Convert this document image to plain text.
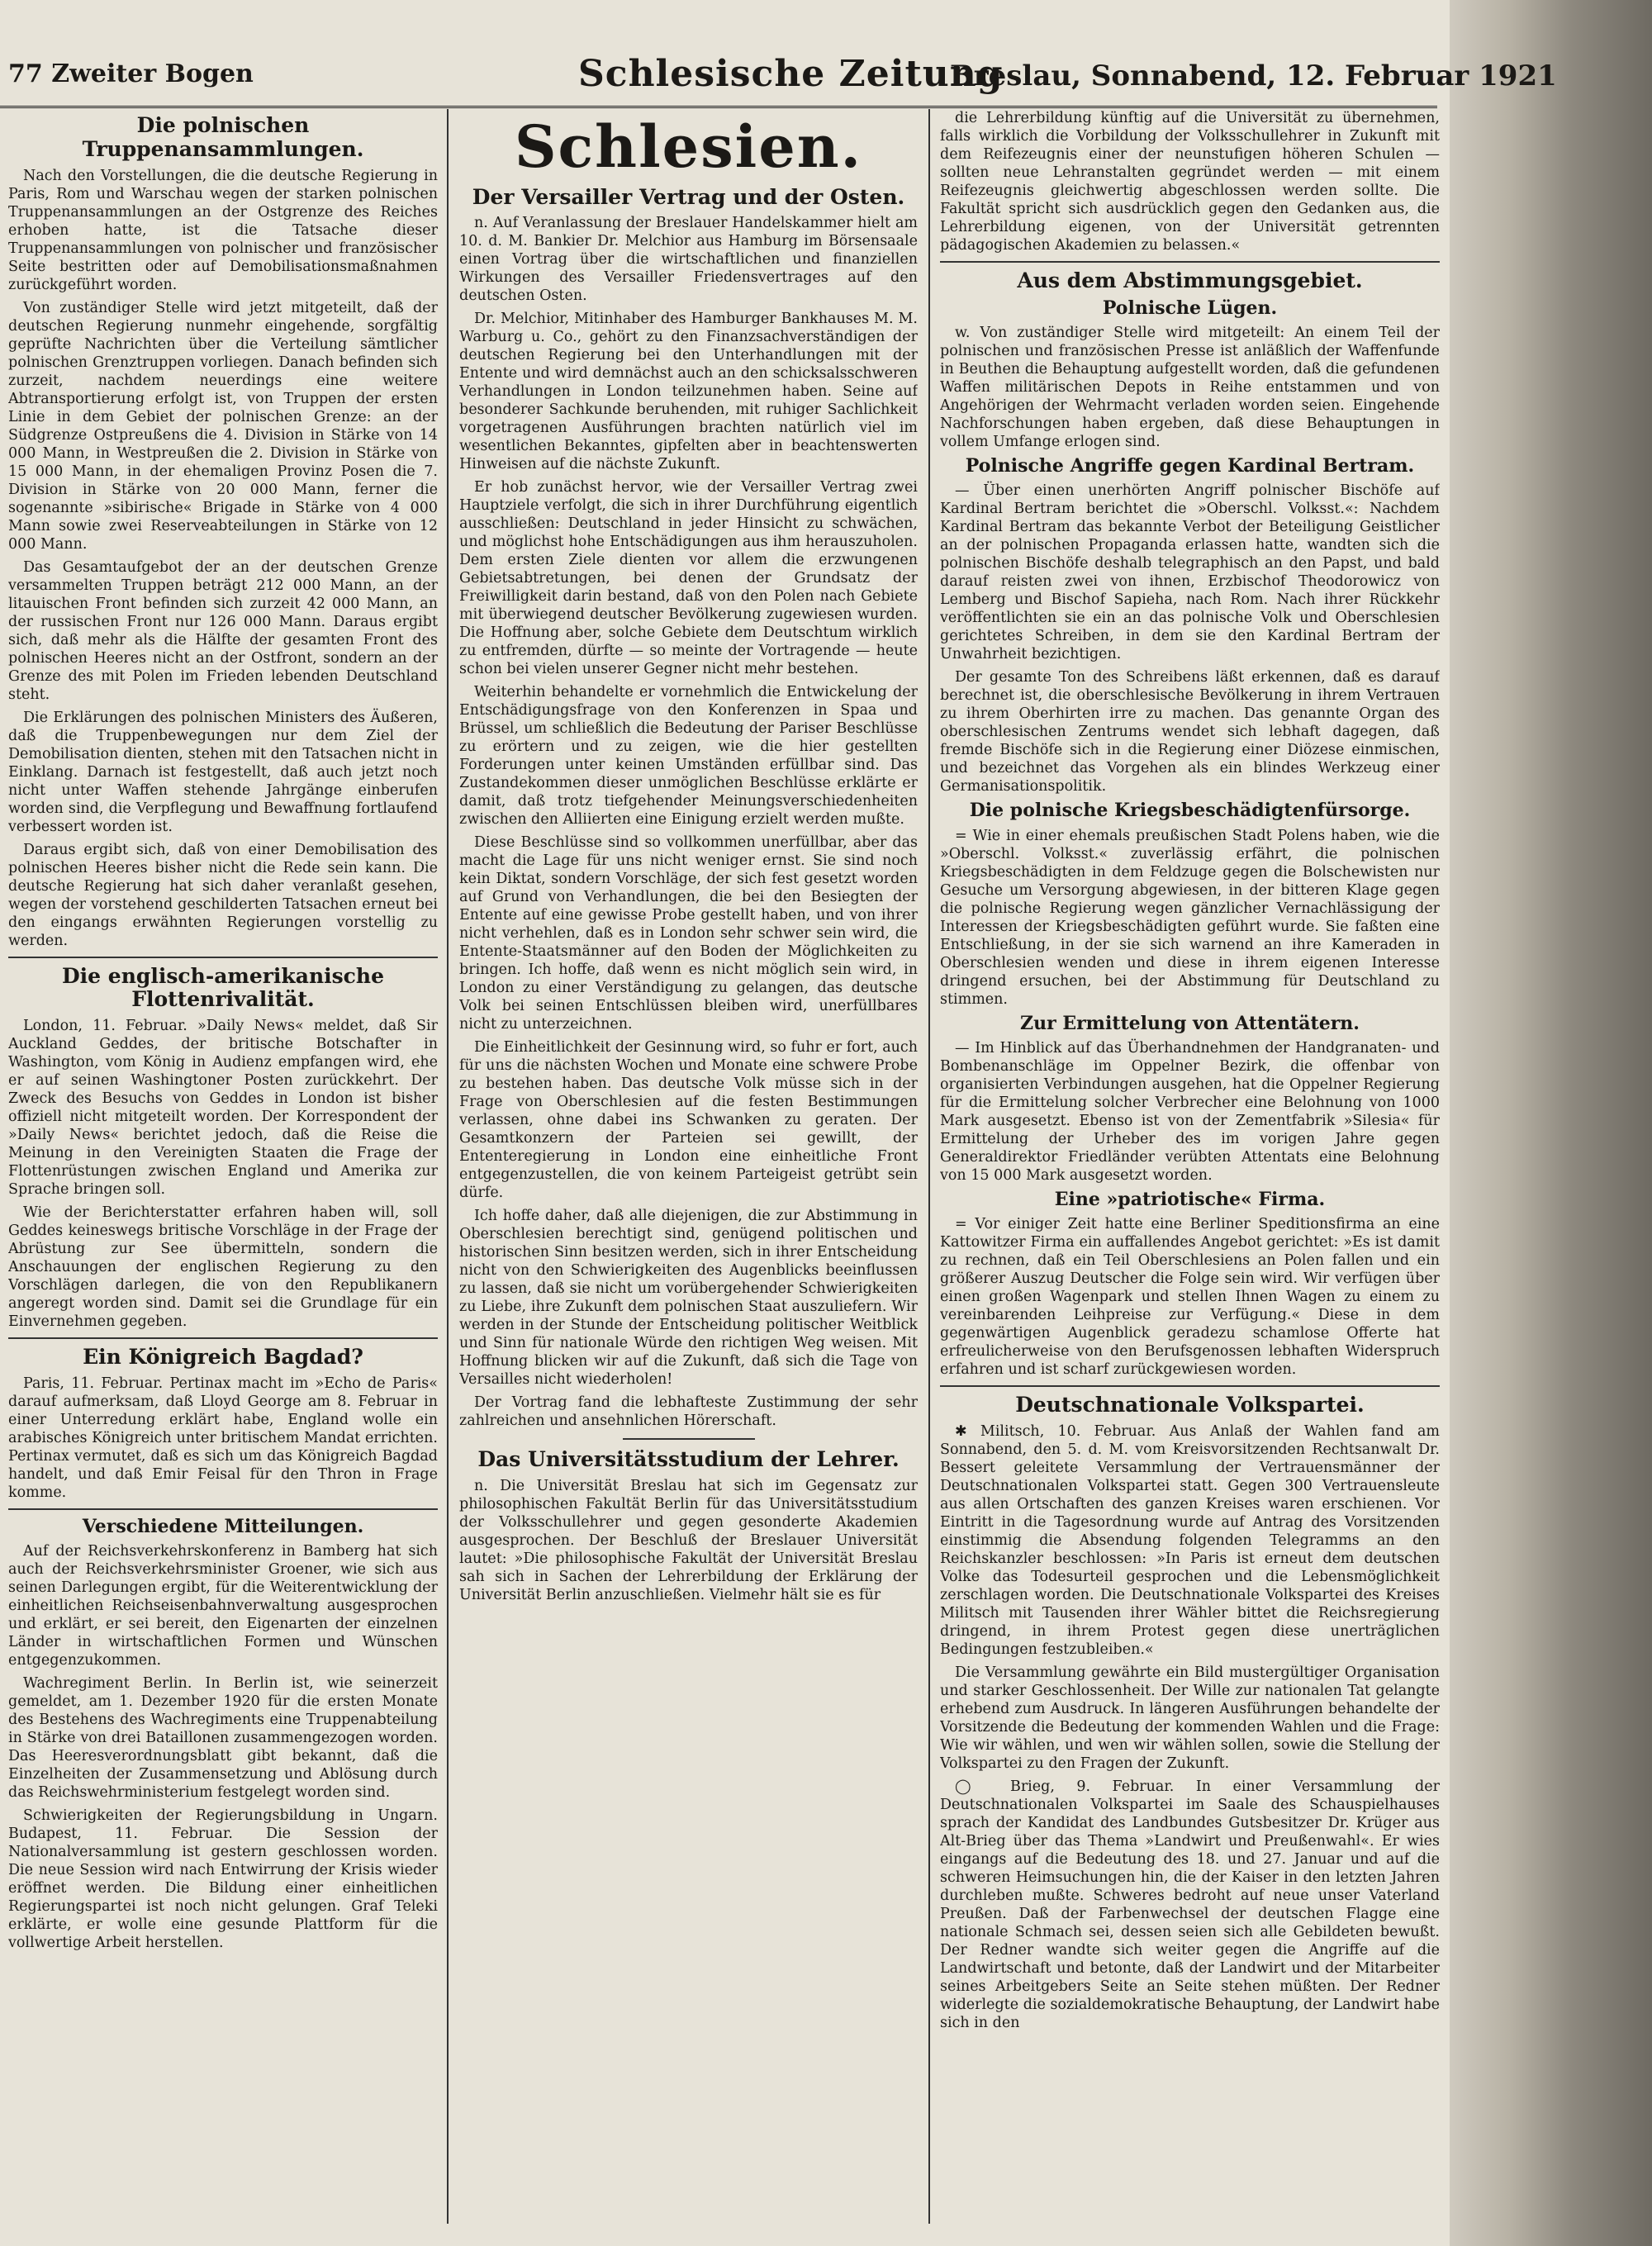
77 Zweiter Bogen	Schlesische Zeitung
Breslau, Sonnabend, 12. Februar 1921
Die polnischen Truppenansammlungen.

Nach den Vorstellungen, die die deutsche Regierung in Paris, Rom und Warschau wegen der starken polnischen Truppenansammlungen an der Ostgrenze des Reiches erhoben hatte, ist die Tatsache dieser Truppenansammlungen von polnischer und französischer Seite bestritten oder auf Demobilisationsmaßnahmen zurückgeführt worden.

Von zuständiger Stelle wird jetzt mitgeteilt, daß der deutschen Regierung nunmehr eingehende, sorgfältig geprüfte Nachrichten über die Verteilung sämtlicher polnischen Grenztruppen vorliegen. Danach befinden sich zurzeit, nachdem neuerdings eine weitere Abtransportierung erfolgt ist, von Truppen der ersten Linie in dem Gebiet der polnischen Grenze: an der Südgrenze Ostpreußens die 4. Division in Stärke von 14 000 Mann, in Westpreußen die 2. Division in Stärke von 15 000 Mann, in der ehemaligen Provinz Posen die 7. Division in Stärke von 20 000 Mann, ferner die sogenannte »sibirische« Brigade in Stärke von 4 000 Mann sowie zwei Reserveabteilungen in Stärke von 12 000 Mann.

Das Gesamtaufgebot der an der deutschen Grenze versammelten Truppen beträgt 212 000 Mann, an der litauischen Front befinden sich zurzeit 42 000 Mann, an der russischen Front nur 126 000 Mann. Daraus ergibt sich, daß mehr als die Hälfte der gesamten Front des polnischen Heeres nicht an der Ostfront, sondern an der Grenze des mit Polen im Frieden lebenden Deutschland steht.

Die Erklärungen des polnischen Ministers des Äußeren, daß die Truppenbewegungen nur dem Ziel der Demobilisation dienten, stehen mit den Tatsachen nicht in Einklang. Darnach ist festgestellt, daß auch jetzt noch nicht unter Waffen stehende Jahrgänge einberufen worden sind, die Verpflegung und Bewaffnung fortlaufend verbessert worden ist.

Daraus ergibt sich, daß von einer Demobilisation des polnischen Heeres bisher nicht die Rede sein kann. Die deutsche Regierung hat sich daher veranlaßt gesehen, wegen der vorstehend geschilderten Tatsachen erneut bei den eingangs erwähnten Regierungen vorstellig zu werden.

Die englisch-amerikanische Flottenrivalität.

London, 11. Februar. »Daily News« meldet, daß Sir Auckland Geddes, der britische Botschafter in Washington, vom König in Audienz empfangen wird, ehe er auf seinen Washingtoner Posten zurückkehrt. Der Zweck des Besuchs von Geddes in London ist bisher offiziell nicht mitgeteilt worden. Der Korrespondent der »Daily News« berichtet jedoch, daß die Reise die Meinung in den Vereinigten Staaten die Frage der Flottenrüstungen zwischen England und Amerika zur Sprache bringen soll.

Wie der Berichterstatter erfahren haben will, soll Geddes keineswegs britische Vorschläge in der Frage der Abrüstung zur See übermitteln, sondern die Anschauungen der englischen Regierung zu den Vorschlägen darlegen, die von den Republikanern angeregt worden sind. Damit sei die Grundlage für ein Einvernehmen gegeben.

Ein Königreich Bagdad?

Paris, 11. Februar. Pertinax macht im »Echo de Paris« darauf aufmerksam, daß Lloyd George am 8. Februar in einer Unterredung erklärt habe, England wolle ein arabisches Königreich unter britischem Mandat errichten. Pertinax vermutet, daß es sich um das Königreich Bagdad handelt, und daß Emir Feisal für den Thron in Frage komme.

Verschiedene Mitteilungen.

Auf der Reichsverkehrskonferenz in Bamberg hat sich auch der Reichsverkehrsminister Groener, wie sich aus seinen Darlegungen ergibt, für die Weiterentwicklung der einheitlichen Reichseisenbahnverwaltung ausgesprochen und erklärt, er sei bereit, den Eigenarten der einzelnen Länder in wirtschaftlichen Formen und Wünschen entgegenzukommen.

Wachregiment Berlin. In Berlin ist, wie seinerzeit gemeldet, am 1. Dezember 1920 für die ersten Monate des Bestehens des Wachregiments eine Truppenabteilung in Stärke von drei Bataillonen zusammengezogen worden. Das Heeresverordnungsblatt gibt bekannt, daß die Einzelheiten der Zusammensetzung und Ablösung durch das Reichswehrministerium festgelegt worden sind.

Schwierigkeiten der Regierungsbildung in Ungarn. Budapest, 11. Februar. Die Session der Nationalversammlung ist gestern geschlossen worden. Die neue Session wird nach Entwirrung der Krisis wieder eröffnet werden. Die Bildung einer einheitlichen Regierungspartei ist noch nicht gelungen. Graf Teleki erklärte, er wolle eine gesunde Plattform für die vollwertige Arbeit herstellen.

Schlesien.
Der Versailler Vertrag und der Osten.

n. Auf Veranlassung der Breslauer Handelskammer hielt am 10. d. M. Bankier Dr. Melchior aus Hamburg im Börsensaale einen Vortrag über die wirtschaftlichen und finanziellen Wirkungen des Versailler Friedensvertrages auf den deutschen Osten.

Dr. Melchior, Mitinhaber des Hamburger Bankhauses M. M. Warburg u. Co., gehört zu den Finanzsachverständigen der deutschen Regierung bei den Unterhandlungen mit der Entente und wird demnächst auch an den schicksalsschweren Verhandlungen in London teilzunehmen haben. Seine auf besonderer Sachkunde beruhenden, mit ruhiger Sachlichkeit vorgetragenen Ausführungen brachten natürlich viel im wesentlichen Bekanntes, gipfelten aber in beachtenswerten Hinweisen auf die nächste Zukunft.

Er hob zunächst hervor, wie der Versailler Vertrag zwei Hauptziele verfolgt, die sich in ihrer Durchführung eigentlich ausschließen: Deutschland in jeder Hinsicht zu schwächen, und möglichst hohe Entschädigungen aus ihm herauszuholen. Dem ersten Ziele dienten vor allem die erzwungenen Gebietsabtretungen, bei denen der Grundsatz der Freiwilligkeit darin bestand, daß von den Polen nach Gebiete mit überwiegend deutscher Bevölkerung zugewiesen wurden. Die Hoffnung aber, solche Gebiete dem Deutschtum wirklich zu entfremden, dürfte — so meinte der Vortragende — heute schon bei vielen unserer Gegner nicht mehr bestehen.

Weiterhin behandelte er vornehmlich die Entwickelung der Entschädigungsfrage von den Konferenzen in Spaa und Brüssel, um schließlich die Bedeutung der Pariser Beschlüsse zu erörtern und zu zeigen, wie die hier gestellten Forderungen unter keinen Umständen erfüllbar sind. Das Zustandekommen dieser unmöglichen Beschlüsse erklärte er damit, daß trotz tiefgehender Meinungsverschiedenheiten zwischen den Alliierten eine Einigung erzielt werden mußte.

Diese Beschlüsse sind so vollkommen unerfüllbar, aber das macht die Lage für uns nicht weniger ernst. Sie sind noch kein Diktat, sondern Vorschläge, der sich fest gesetzt worden auf Grund von Verhandlungen, die bei den Besiegten der Entente auf eine gewisse Probe gestellt haben, und von ihrer nicht verhehlen, daß es in London sehr schwer sein wird, die Entente-Staatsmänner auf den Boden der Möglichkeiten zu bringen. Ich hoffe, daß wenn es nicht möglich sein wird, in London zu einer Verständigung zu gelangen, das deutsche Volk bei seinen Entschlüssen bleiben wird, unerfüllbares nicht zu unterzeichnen.

Die Einheitlichkeit der Gesinnung wird, so fuhr er fort, auch für uns die nächsten Wochen und Monate eine schwere Probe zu bestehen haben. Das deutsche Volk müsse sich in der Frage von Oberschlesien auf die festen Bestimmungen verlassen, ohne dabei ins Schwanken zu geraten. Der Gesamtkonzern der Parteien sei gewillt, der Ententeregierung in London eine einheitliche Front entgegenzustellen, die von keinem Parteigeist getrübt sein dürfe.

Ich hoffe daher, daß alle diejenigen, die zur Abstimmung in Oberschlesien berechtigt sind, genügend politischen und historischen Sinn besitzen werden, sich in ihrer Entscheidung nicht von den Schwierigkeiten des Augenblicks beeinflussen zu lassen, daß sie nicht um vorübergehender Schwierigkeiten zu Liebe, ihre Zukunft dem polnischen Staat auszuliefern. Wir werden in der Stunde der Entscheidung politischer Weitblick und Sinn für nationale Würde den richtigen Weg weisen. Mit Hoffnung blicken wir auf die Zukunft, daß sich die Tage von Versailles nicht wiederholen!

Der Vortrag fand die lebhafteste Zustimmung der sehr zahlreichen und ansehnlichen Hörerschaft.

Das Universitätsstudium der Lehrer.

n. Die Universität Breslau hat sich im Gegensatz zur philosophischen Fakultät Berlin für das Universitätsstudium der Volksschullehrer und gegen gesonderte Akademien ausgesprochen. Der Beschluß der Breslauer Universität lautet: »Die philosophische Fakultät der Universität Breslau sah sich in Sachen der Lehrerbildung der Erklärung der Universität Berlin anzuschließen. Vielmehr hält sie es für

die Lehrerbildung künftig auf die Universität zu übernehmen, falls wirklich die Vorbildung der Volksschullehrer in Zukunft mit dem Reifezeugnis einer der neunstufigen höheren Schulen — sollten neue Lehranstalten gegründet werden — mit einem Reifezeugnis gleichwertig abgeschlossen werden sollte. Die Fakultät spricht sich ausdrücklich gegen den Gedanken aus, die Lehrerbildung eigenen, von der Universität getrennten pädagogischen Akademien zu belassen.«

Aus dem Abstimmungsgebiet.
Polnische Lügen.

w. Von zuständiger Stelle wird mitgeteilt: An einem Teil der polnischen und französischen Presse ist anläßlich der Waffenfunde in Beuthen die Behauptung aufgestellt worden, daß die gefundenen Waffen militärischen Depots in Reihe entstammen und von Angehörigen der Wehrmacht verladen worden seien. Eingehende Nachforschungen haben ergeben, daß diese Behauptungen in vollem Umfange erlogen sind.

Polnische Angriffe gegen Kardinal Bertram.

— Über einen unerhörten Angriff polnischer Bischöfe auf Kardinal Bertram berichtet die »Oberschl. Volksst.«: Nachdem Kardinal Bertram das bekannte Verbot der Beteiligung Geistlicher an der polnischen Propaganda erlassen hatte, wandten sich die polnischen Bischöfe deshalb telegraphisch an den Papst, und bald darauf reisten zwei von ihnen, Erzbischof Theodorowicz von Lemberg und Bischof Sapieha, nach Rom. Nach ihrer Rückkehr veröffentlichten sie ein an das polnische Volk und Oberschlesien gerichtetes Schreiben, in dem sie den Kardinal Bertram der Unwahrheit bezichtigen.

Der gesamte Ton des Schreibens läßt erkennen, daß es darauf berechnet ist, die oberschlesische Bevölkerung in ihrem Vertrauen zu ihrem Oberhirten irre zu machen. Das genannte Organ des oberschlesischen Zentrums wendet sich lebhaft dagegen, daß fremde Bischöfe sich in die Regierung einer Diözese einmischen, und bezeichnet das Vorgehen als ein blindes Werkzeug einer Germanisationspolitik.

Die polnische Kriegsbeschädigtenfürsorge.

= Wie in einer ehemals preußischen Stadt Polens haben, wie die »Oberschl. Volksst.« zuverlässig erfährt, die polnischen Kriegsbeschädigten in dem Feldzuge gegen die Bolschewisten nur Gesuche um Versorgung abgewiesen, in der bitteren Klage gegen die polnische Regierung wegen gänzlicher Vernachlässigung der Interessen der Kriegsbeschädigten geführt wurde. Sie faßten eine Entschließung, in der sie sich warnend an ihre Kameraden in Oberschlesien wenden und diese in ihrem eigenen Interesse dringend ersuchen, bei der Abstimmung für Deutschland zu stimmen.

Zur Ermittelung von Attentätern.

— Im Hinblick auf das Überhandnehmen der Handgranaten- und Bombenanschläge im Oppelner Bezirk, die offenbar von organisierten Verbindungen ausgehen, hat die Oppelner Regierung für die Ermittelung solcher Verbrecher eine Belohnung von 1000 Mark ausgesetzt. Ebenso ist von der Zementfabrik »Silesia« für Ermittelung der Urheber des im vorigen Jahre gegen Generaldirektor Friedländer verübten Attentats eine Belohnung von 15 000 Mark ausgesetzt worden.

Eine »patriotische« Firma.

= Vor einiger Zeit hatte eine Berliner Speditionsfirma an eine Kattowitzer Firma ein auffallendes Angebot gerichtet: »Es ist damit zu rechnen, daß ein Teil Oberschlesiens an Polen fallen und ein größerer Auszug Deutscher die Folge sein wird. Wir verfügen über einen großen Wagenpark und stellen Ihnen Wagen zu einem zu vereinbarenden Leihpreise zur Verfügung.« Diese in dem gegenwärtigen Augenblick geradezu schamlose Offerte hat erfreulicherweise von den Berufsgenossen lebhaften Widerspruch erfahren und ist scharf zurückgewiesen worden.

Deutschnationale Volkspartei.

✱ Militsch, 10. Februar. Aus Anlaß der Wahlen fand am Sonnabend, den 5. d. M. vom Kreisvorsitzenden Rechtsanwalt Dr. Bessert geleitete Versammlung der Vertrauensmänner der Deutschnationalen Volkspartei statt. Gegen 300 Vertrauensleute aus allen Ortschaften des ganzen Kreises waren erschienen. Vor Eintritt in die Tagesordnung wurde auf Antrag des Vorsitzenden einstimmig die Absendung folgenden Telegramms an den Reichskanzler beschlossen: »In Paris ist erneut dem deutschen Volke das Todesurteil gesprochen und die Lebensmöglichkeit zerschlagen worden. Die Deutschnationale Volkspartei des Kreises Militsch mit Tausenden ihrer Wähler bittet die Reichsregierung dringend, in ihrem Protest gegen diese unerträglichen Bedingungen festzubleiben.«

Die Versammlung gewährte ein Bild mustergültiger Organisation und starker Geschlossenheit. Der Wille zur nationalen Tat gelangte erhebend zum Ausdruck. In längeren Ausführungen behandelte der Vorsitzende die Bedeutung der kommenden Wahlen und die Frage: Wie wir wählen, und wen wir wählen sollen, sowie die Stellung der Volkspartei zu den Fragen der Zukunft.

◯ Brieg, 9. Februar. In einer Versammlung der Deutschnationalen Volkspartei im Saale des Schauspielhauses sprach der Kandidat des Landbundes Gutsbesitzer Dr. Krüger aus Alt-Brieg über das Thema »Landwirt und Preußenwahl«. Er wies eingangs auf die Bedeutung des 18. und 27. Januar und auf die schweren Heimsuchungen hin, die der Kaiser in den letzten Jahren durchleben mußte. Schweres bedroht auf neue unser Vaterland Preußen. Daß der Farbenwechsel der deutschen Flagge eine nationale Schmach sei, dessen seien sich alle Gebildeten bewußt. Der Redner wandte sich weiter gegen die Angriffe auf die Landwirtschaft und betonte, daß der Landwirt und der Mitarbeiter seines Arbeitgebers Seite an Seite stehen müßten. Der Redner widerlegte die sozialdemokratische Behauptung, der Landwirt habe sich in den
